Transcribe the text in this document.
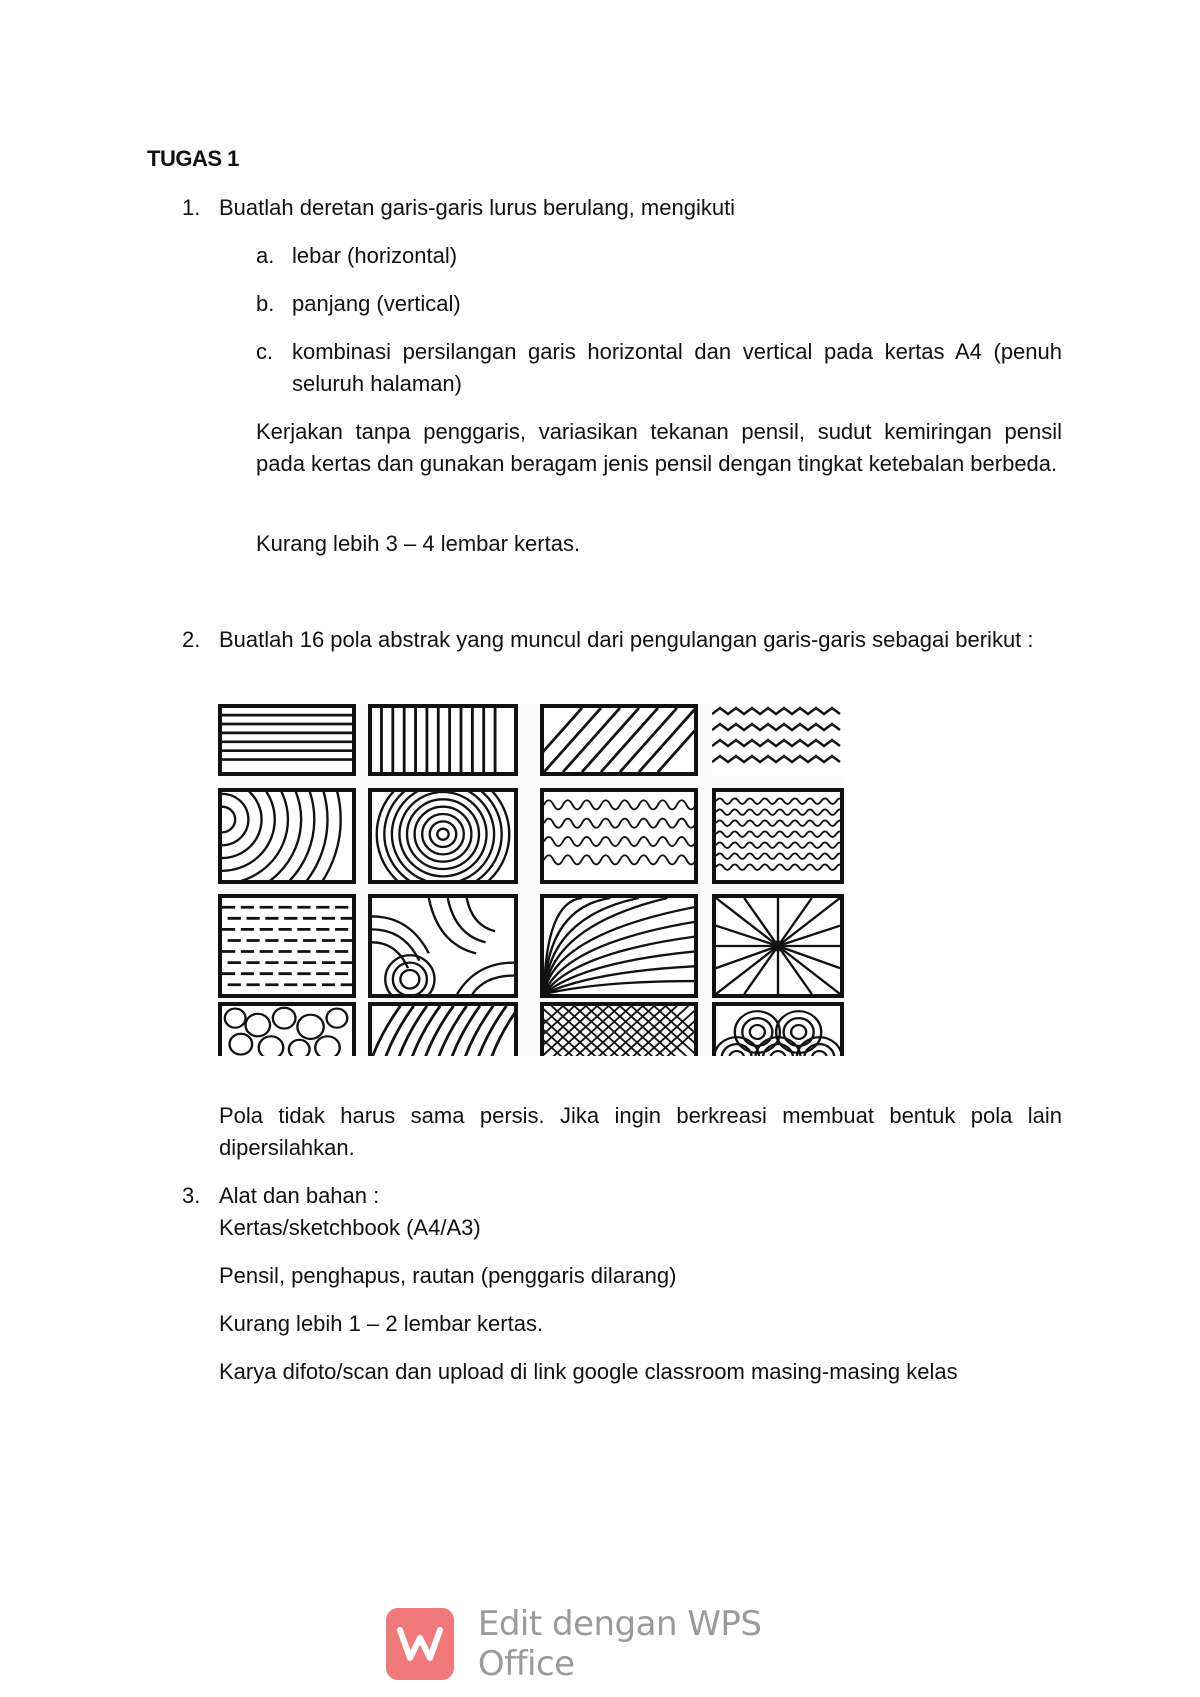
TUGAS 1
1. Buatlah deretan garis-garis lurus berulang, mengikuti
a. lebar (horizontal)
b. panjang (vertical)
c. kombinasi persilangan garis horizontal dan vertical pada kertas A4 (penuh seluruh halaman)
Kerjakan tanpa penggaris, variasikan tekanan pensil, sudut kemiringan pensil pada kertas dan gunakan beragam jenis pensil dengan tingkat ketebalan berbeda.
Kurang lebih 3 – 4 lembar kertas.
2. Buatlah 16 pola abstrak yang muncul dari pengulangan garis-garis sebagai berikut :
Pola tidak harus sama persis. Jika ingin berkreasi membuat bentuk pola lain dipersilahkan.
3. Alat dan bahan :
Kertas/sketchbook (A4/A3)
Pensil, penghapus, rautan (penggaris dilarang)
Kurang lebih 1 – 2 lembar kertas.
Karya difoto/scan dan upload di link google classroom masing-masing kelas
Edit dengan WPS Office
